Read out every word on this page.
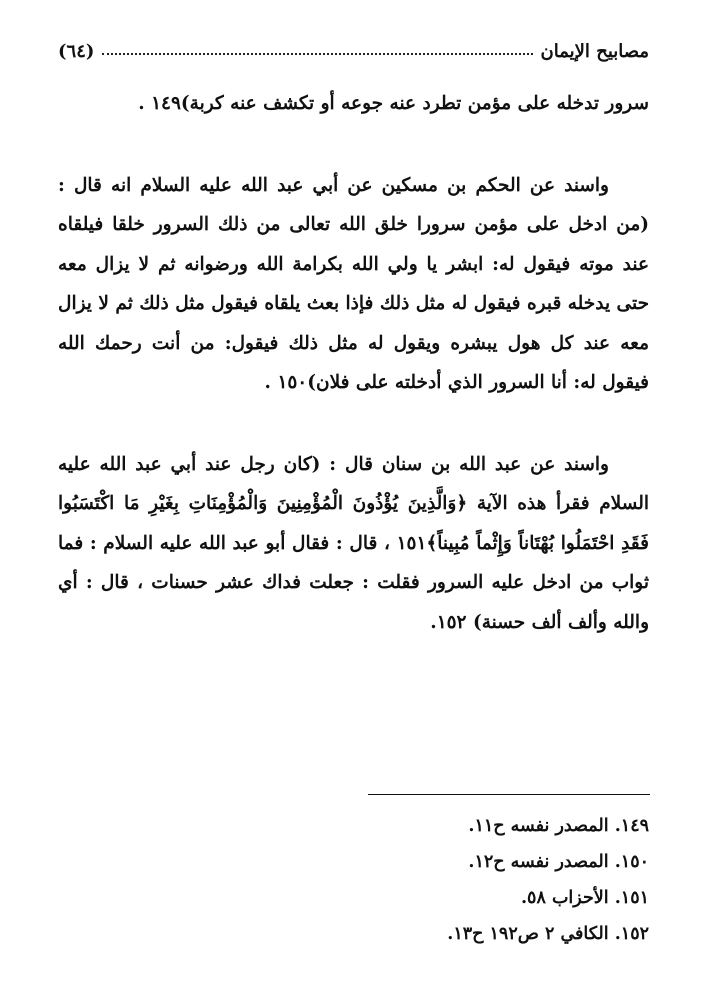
مصابيح الإيمان
(٦٤)

سرور تدخله على مؤمن تطرد عنه جوعه أو تكشف عنه كربة)١٤٩ .

واسند عن الحكم بن مسكين عن أبي عبد الله عليه السلام انه قال : (من ادخل على مؤمن سرورا خلق الله تعالى من ذلك السرور خلقا فيلقاه عند موته فيقول له: ابشر يا ولي الله بكرامة الله ورضوانه ثم لا يزال معه حتى يدخله قبره فيقول له مثل ذلك فإذا بعث يلقاه فيقول مثل ذلك ثم لا يزال معه عند كل هول يبشره ويقول له مثل ذلك فيقول: من أنت رحمك الله فيقول له: أنا السرور الذي أدخلته على فلان)١٥٠ .

واسند عن عبد الله بن سنان قال : (كان رجل عند أبي عبد الله عليه السلام فقرأ هذه الآية ﴿وَالَّذِينَ يُؤْذُونَ الْمُؤْمِنِينَ وَالْمُؤْمِنَاتِ بِغَيْرِ مَا اكْتَسَبُوا فَقَدِ احْتَمَلُوا بُهْتَاناً وَإِثْماً مُبِيناً﴾١٥١ ، قال : فقال أبو عبد الله عليه السلام : فما ثواب من ادخل عليه السرور فقلت : جعلت فداك عشر حسنات ، قال : أي والله وألف ألف حسنة) ١٥٢.

١٤٩. المصدر نفسه ح١١.
١٥٠. المصدر نفسه ح١٢.
١٥١. الأحزاب ٥٨.
١٥٢. الكافي ٢ ص١٩٢ ح١٣.
